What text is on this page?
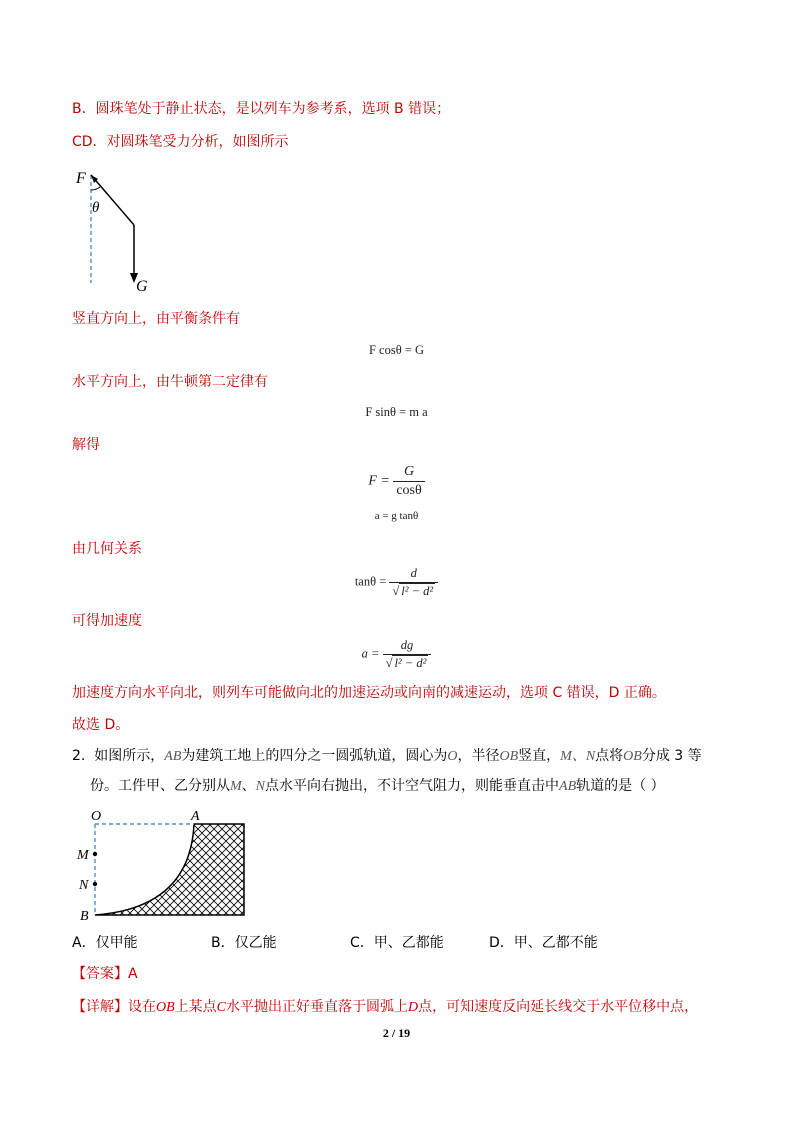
B．圆珠笔处于静止状态，是以列车为参考系，选项 B 错误；
CD．对圆珠笔受力分析，如图所示
F
θ
G
竖直方向上，由平衡条件有
F cosθ = G
水平方向上，由牛顿第二定律有
F sinθ = m a
解得
$F = \frac{G}{\cos\theta}$
a = g tanθ
由几何关系
$\tan\theta = \frac{d}{\text{√ l² − d²}}$
可得加速度
$a = \frac{dg}{\text{√ l² − d²}}$
加速度方向水平向北，则列车可能做向北的加速运动或向南的减速运动，选项 C 错误，D 正确。
故选 D。
2. 如图所示，AB为建筑工地上的四分之一圆弧轨道，圆心为O，半径OB竖直，M、N点将OB分成 3 等
份。工件甲、乙分别从M、N点水平向右抛出，不计空气阻力，则能垂直击中AB轨道的是（ ）
O	A
M
N
B
A．仅甲能	B．仅乙能	C．甲、乙都能	D．甲、乙都不能
【答案】A
【详解】设在OB上某点C水平抛出正好垂直落于圆弧上D点，可知速度反向延长线交于水平位移中点，
2 / 19
